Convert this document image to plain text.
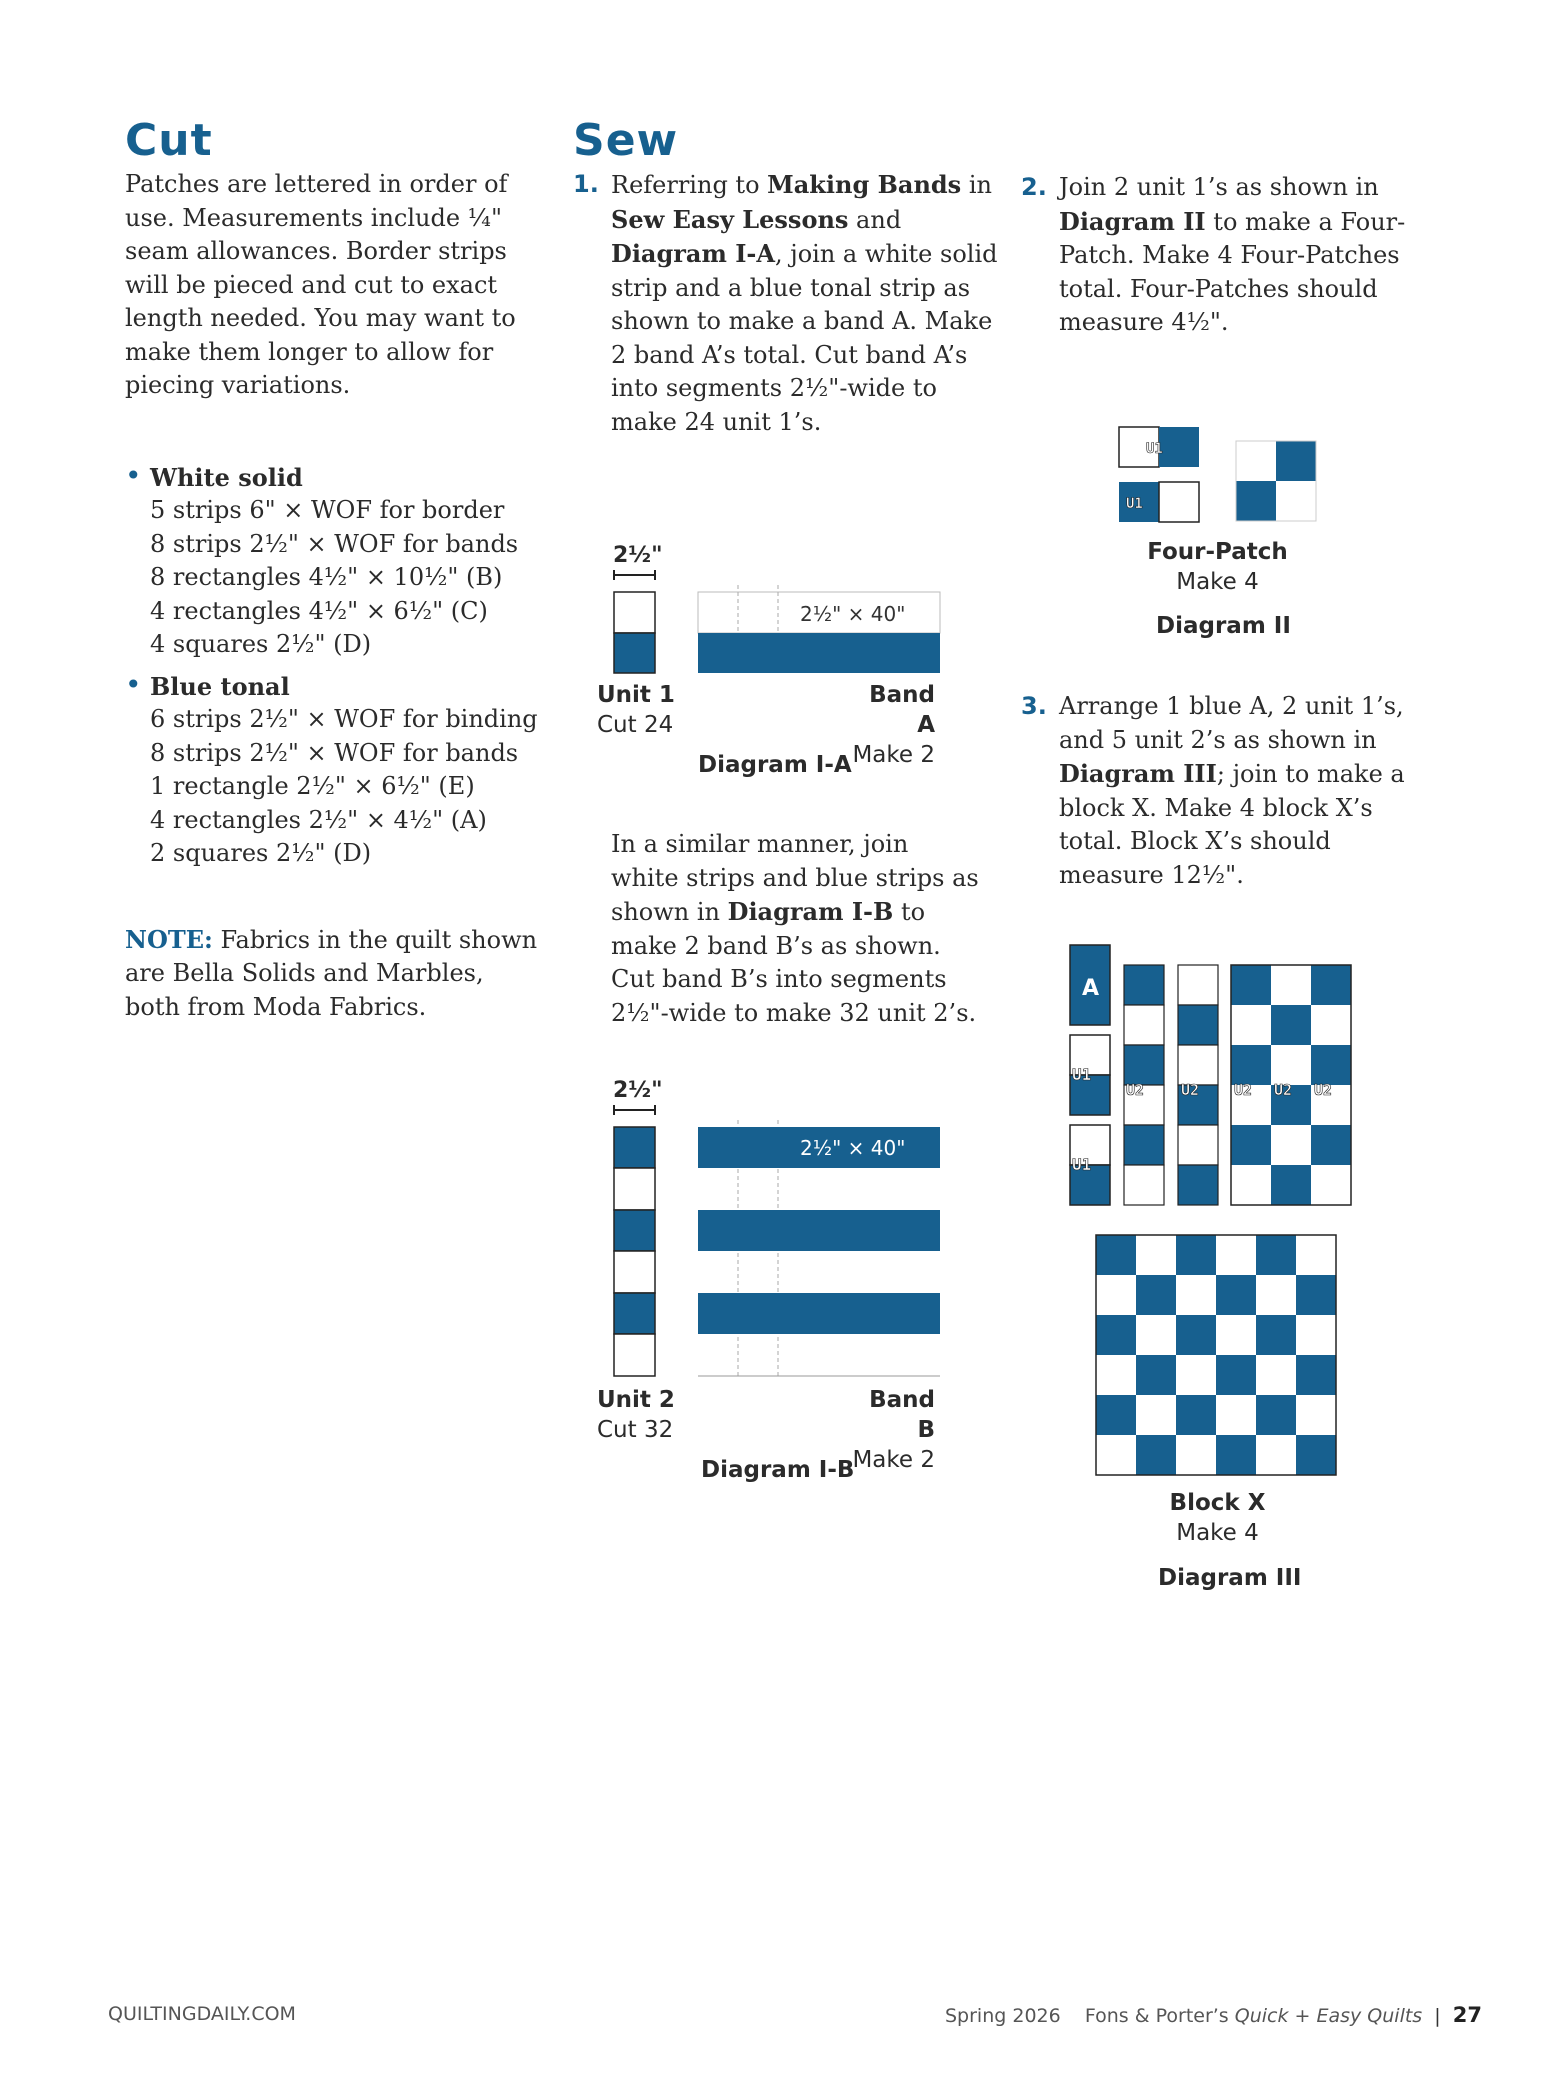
Cut
Patches are lettered in order of use. Measurements include ¼" seam allowances. Border strips will be pieced and cut to exact length needed. You may want to make them longer to allow for piecing variations.
• White solid
5 strips 6" × WOF for border
8 strips 2½" × WOF for bands
8 rectangles 4½" × 10½" (B)
4 rectangles 4½" × 6½" (C)
4 squares 2½" (D)
• Blue tonal
6 strips 2½" × WOF for binding
8 strips 2½" × WOF for bands
1 rectangle 2½" × 6½" (E)
4 rectangles 2½" × 4½" (A)
2 squares 2½" (D)
NOTE: Fabrics in the quilt shown are Bella Solids and Marbles, both from Moda Fabrics.
Sew
1. Referring to Making Bands in Sew Easy Lessons and Diagram I-A, join a white solid strip and a blue tonal strip as shown to make a band A. Make 2 band A’s total. Cut band A’s into segments 2½"-wide to make 24 unit 1’s.
In a similar manner, join white strips and blue strips as shown in Diagram I-B to make 2 band B’s as shown. Cut band B’s into segments 2½"-wide to make 32 unit 2’s.
2. Join 2 unit 1’s as shown in Diagram II to make a Four-Patch. Make 4 Four-Patches total. Four-Patches should measure 4½".
3. Arrange 1 blue A, 2 unit 1’s, and 5 unit 2’s as shown in Diagram III; join to make a block X. Make 4 block X’s total. Block X’s should measure 12½".
2½"
2½" × 40"
Unit 1
Cut 24
Band A
Make 2
Diagram I-A
2½"
2½" × 40"
Unit 2
Cut 32
Band B
Make 2
Diagram I-B
U1
U1
Four-Patch
Make 4
Diagram II
A
U1
U1
U2 U2 U2 U2 U2
Block X
Make 4
Diagram III
QUILTINGDAILY.COM	Spring 2026 Fons & Porter’s Quick + Easy Quilts  |  27
